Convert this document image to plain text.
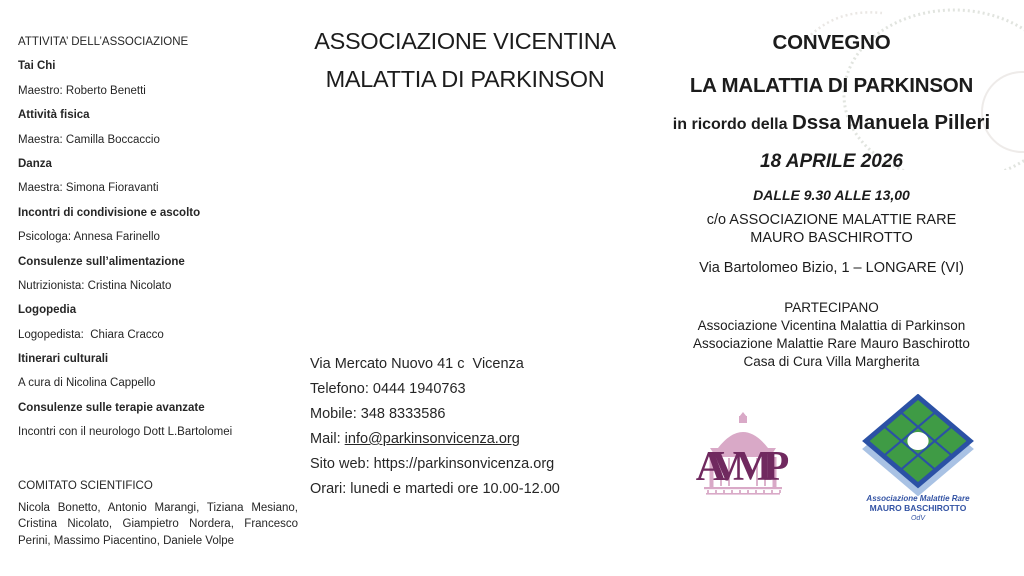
ATTIVITA’ DELL’ASSOCIAZIONE
Tai Chi
Maestro: Roberto Benetti
Attività fisica
Maestra: Camilla Boccaccio
Danza
Maestra: Simona Fioravanti
Incontri di condivisione e ascolto
Psicologa: Annesa Farinello
Consulenze sull’alimentazione
Nutrizionista: Cristina Nicolato
Logopedia
Logopedista:  Chiara Cracco
Itinerari culturali
A cura di Nicolina Cappello
Consulenze sulle terapie avanzate
Incontri con il neurologo Dott L.Bartolomei
COMITATO SCIENTIFICO

Nicola Bonetto, Antonio Marangi, Tiziana Mesiano, Cristina Nicolato, Giampietro Nordera, Francesco Perini, Massimo Piacentino, Daniele Volpe

ASSOCIAZIONE VICENTINA
MALATTIA DI PARKINSON
Via Mercato Nuovo 41 c  Vicenza
Telefono: 0444 1940763
Mobile: 348 8333586
Mail: info@parkinsonvicenza.org
Sito web: https://parkinsonvicenza.org
Orari: lunedi e martedi ore 10.00-12.00
CONVEGNO
LA MALATTIA DI PARKINSON
in ricordo della Dssa Manuela Pilleri
18 APRILE 2026
DALLE 9.30 ALLE 13,00
c/o ASSOCIAZIONE MALATTIE RARE MAURO BASCHIROTTO
Via Bartolomeo Bizio, 1 – LONGARE (VI)
PARTECIPANO
Associazione Vicentina Malattia di Parkinson
Associazione Malattie Rare Mauro Baschirotto
Casa di Cura Villa Margherita
AVMP
Associazione Malattie Rare
MAURO BASCHIROTTO
OdV
